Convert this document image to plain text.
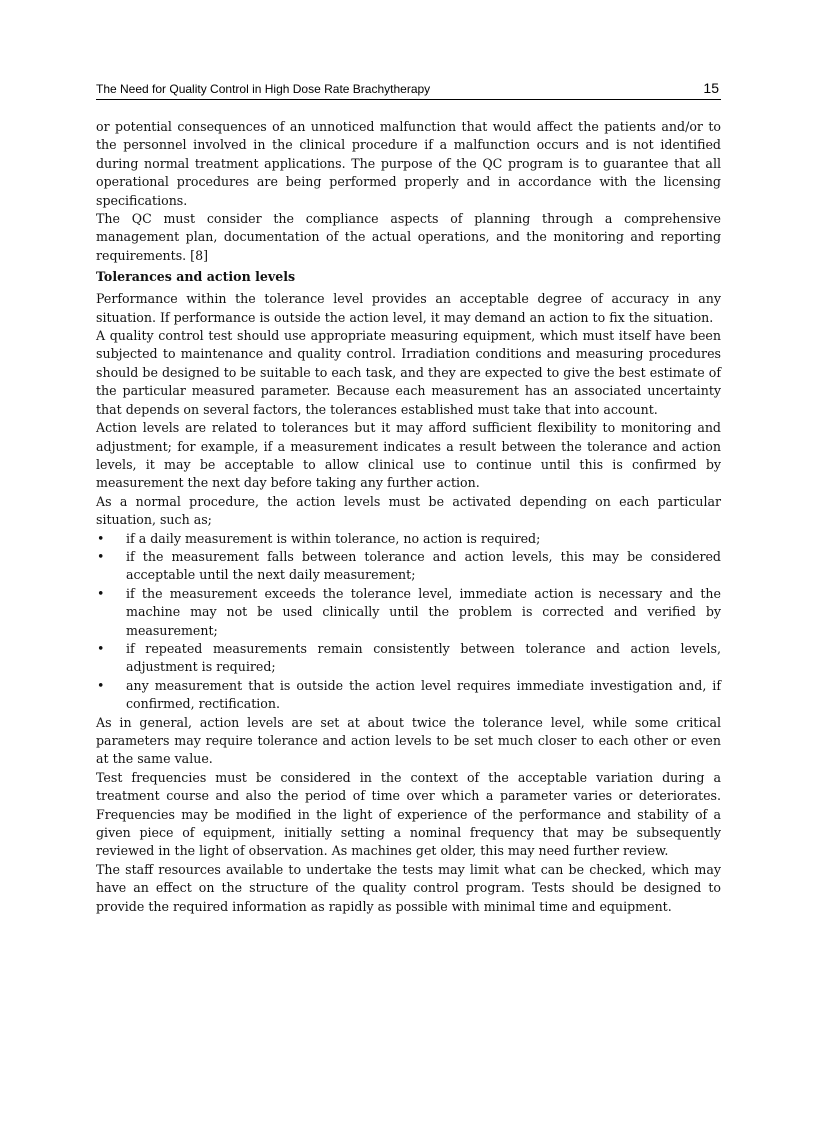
The Need for Quality Control in High Dose Rate Brachytherapy	15

or potential consequences of an unnoticed malfunction that would affect the patients and/or to the personnel involved in the clinical procedure if a malfunction occurs and is not identified during normal treatment applications. The purpose of the QC program is to guarantee that all operational procedures are being performed properly and in accordance with the licensing specifications.

The QC must consider the compliance aspects of planning through a comprehensive management plan, documentation of the actual operations, and the monitoring and reporting requirements. [8]

Tolerances and action levels

Performance within the tolerance level provides an acceptable degree of accuracy in any situation. If performance is outside the action level, it may demand an action to fix the situation.

A quality control test should use appropriate measuring equipment, which must itself have been subjected to maintenance and quality control. Irradiation conditions and measuring procedures should be designed to be suitable to each task, and they are expected to give the best estimate of the particular measured parameter. Because each measurement has an associated uncertainty that depends on several factors, the tolerances established must take that into account.

Action levels are related to tolerances but it may afford sufficient flexibility to monitoring and adjustment; for example, if a measurement indicates a result between the tolerance and action levels, it may be acceptable to allow clinical use to continue until this is confirmed by measurement the next day before taking any further action.

As a normal procedure, the action levels must be activated depending on each particular situation, such as;

• if a daily measurement is within tolerance, no action is required;
• if the measurement falls between tolerance and action levels, this may be considered acceptable until the next daily measurement;
• if the measurement exceeds the tolerance level, immediate action is necessary and the machine may not be used clinically until the problem is corrected and verified by measurement;
• if repeated measurements remain consistently between tolerance and action levels, adjustment is required;
• any measurement that is outside the action level requires immediate investigation and, if confirmed, rectification.

As in general, action levels are set at about twice the tolerance level, while some critical parameters may require tolerance and action levels to be set much closer to each other or even at the same value.

Test frequencies must be considered in the context of the acceptable variation during a treatment course and also the period of time over which a parameter varies or deteriorates. Frequencies may be modified in the light of experience of the performance and stability of a given piece of equipment, initially setting a nominal frequency that may be subsequently reviewed in the light of observation. As machines get older, this may need further review.

The staff resources available to undertake the tests may limit what can be checked, which may have an effect on the structure of the quality control program. Tests should be designed to provide the required information as rapidly as possible with minimal time and equipment.
